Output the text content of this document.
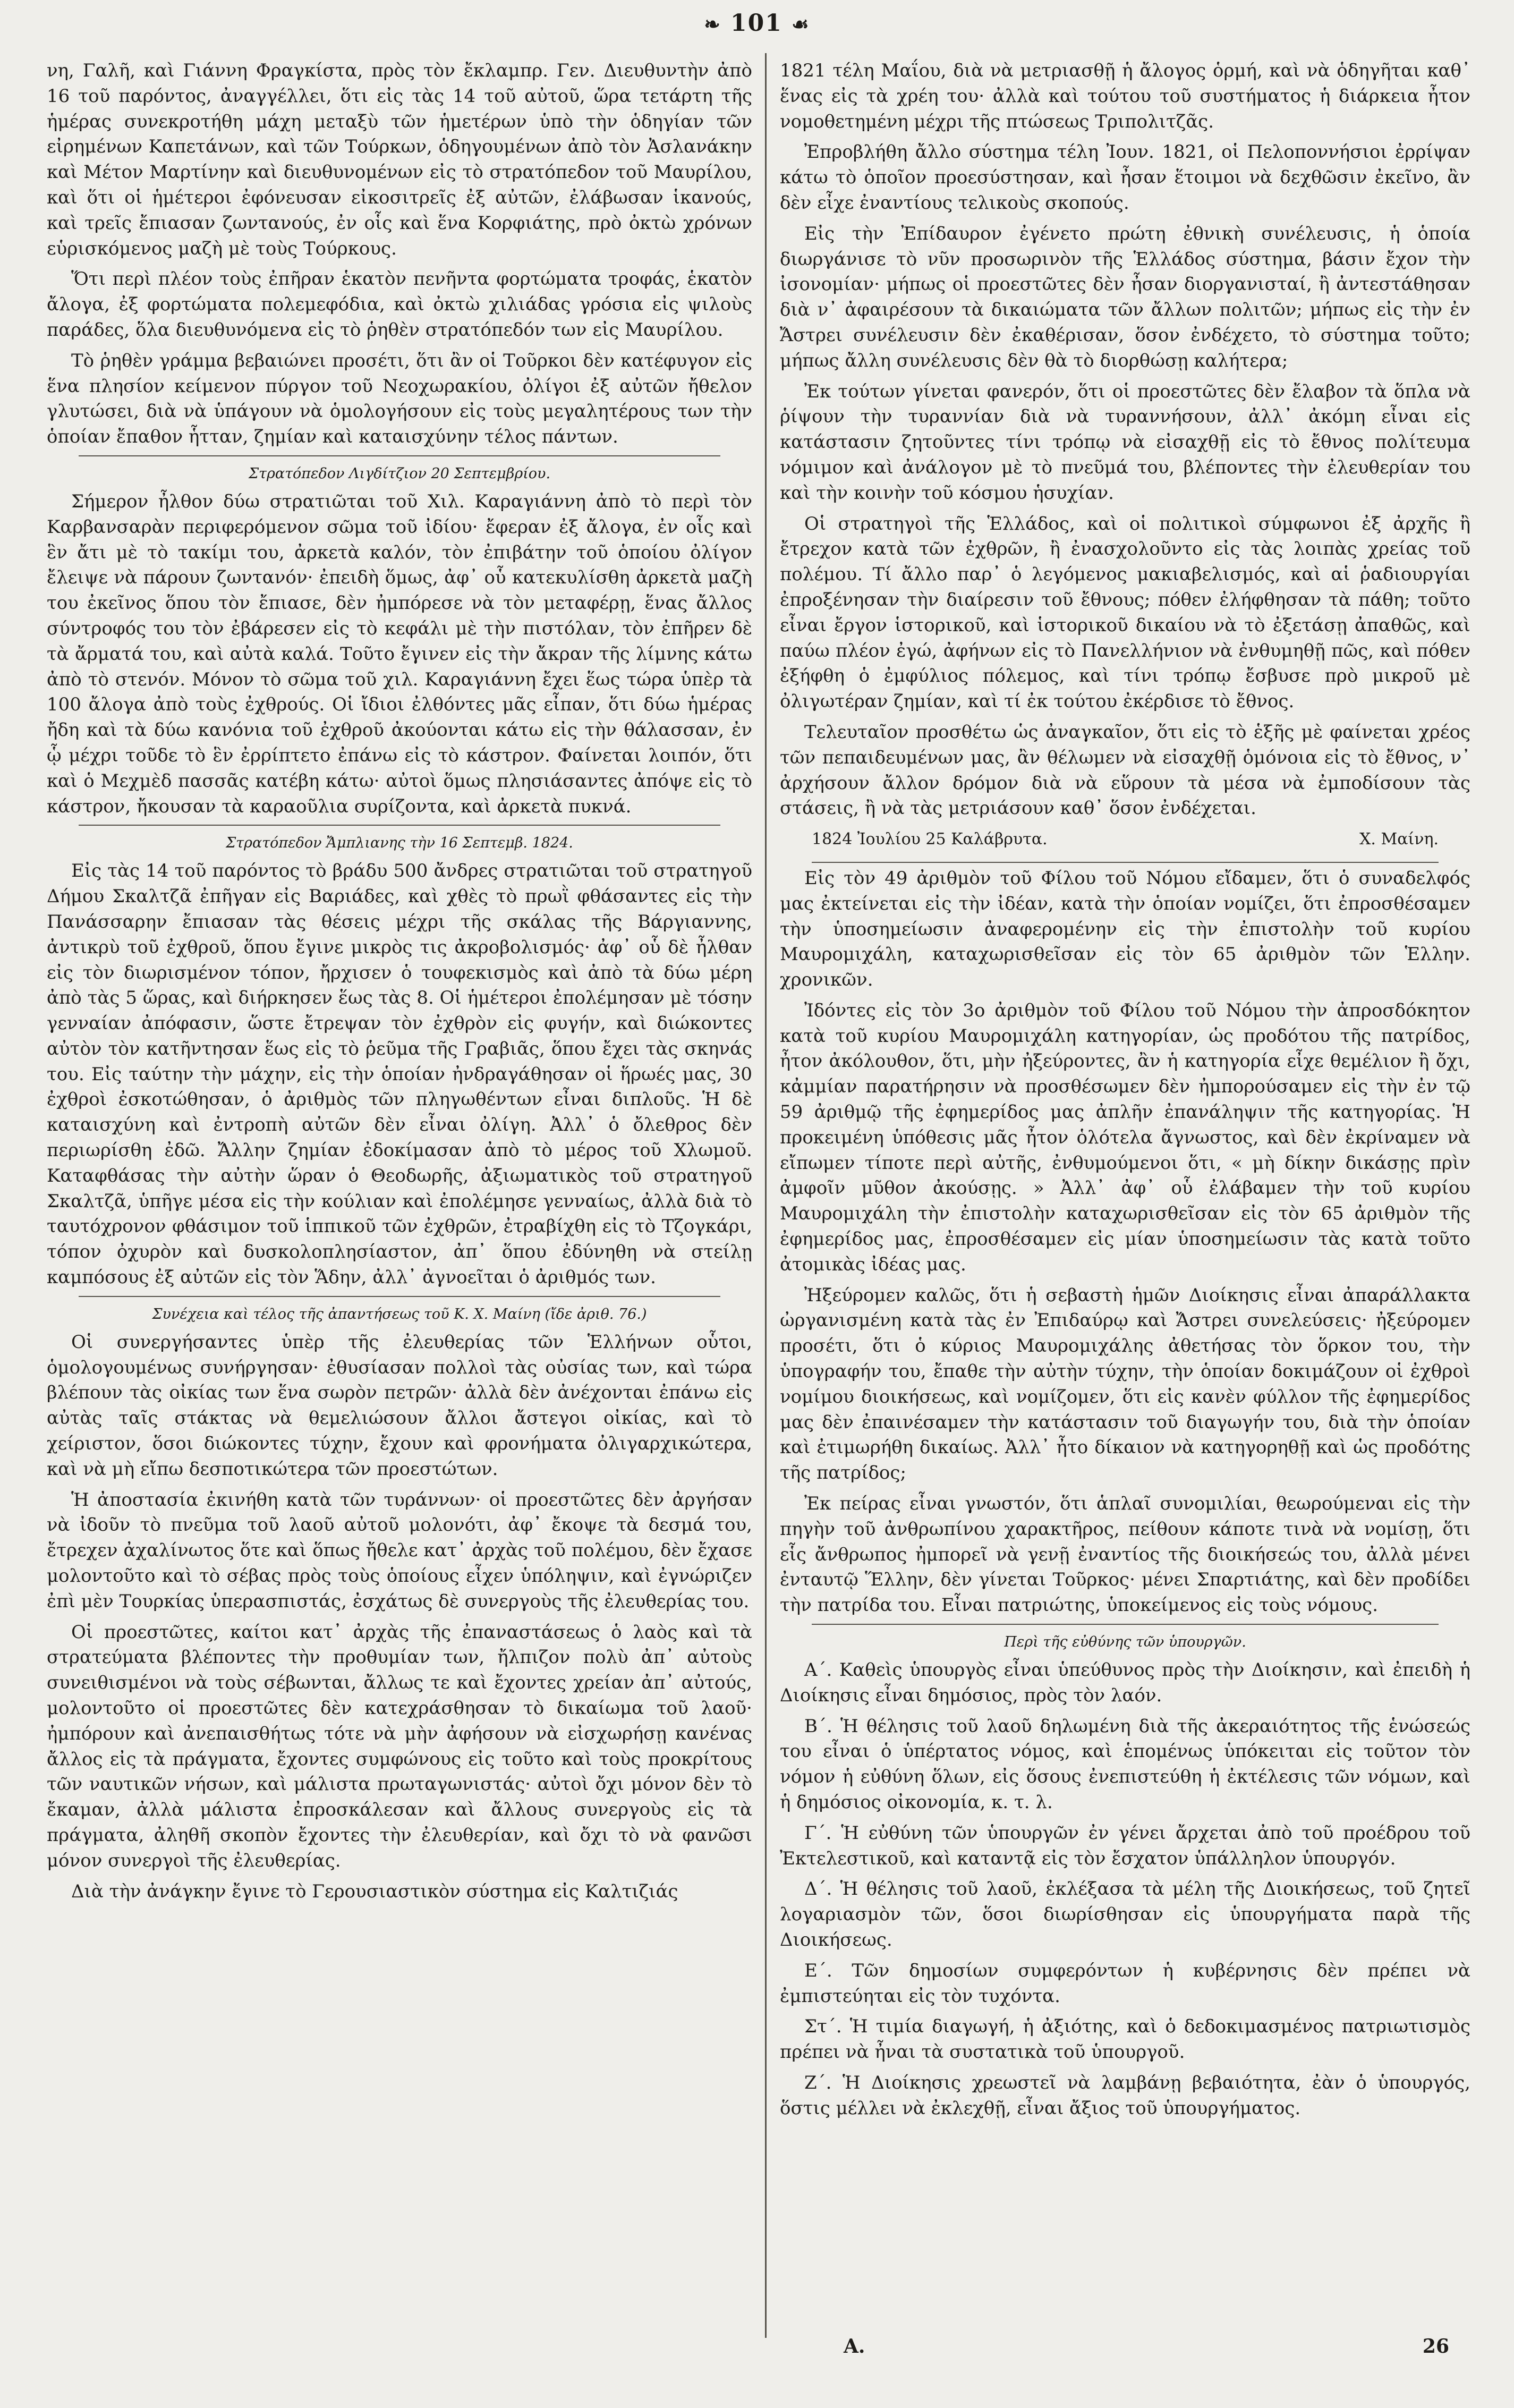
❧ 101 ☙

νη, Γαλῆ, καὶ Γιάννη Φραγκίστα, πρὸς τὸν ἔκλαμπρ. Γεν. Διευθυντὴν ἀπὸ 16 τοῦ παρόντος, ἀναγγέλλει, ὅτι εἰς τὰς 14 τοῦ αὐτοῦ, ὥρα τετάρτη τῆς ἡμέρας συνεκροτήθη μάχη μεταξὺ τῶν ἡμετέρων ὑπὸ τὴν ὁδηγίαν τῶν εἰρημένων Καπετάνων, καὶ τῶν Τούρκων, ὁδηγουμένων ἀπὸ τὸν Ἀσλανάκην καὶ Μέτον Μαρτίνην καὶ διευθυνομένων εἰς τὸ στρατόπεδον τοῦ Μαυρίλου, καὶ ὅτι οἱ ἡμέτεροι ἐφόνευσαν εἰκοσιτρεῖς ἐξ αὐτῶν, ἐλάβωσαν ἱκανούς, καὶ τρεῖς ἔπιασαν ζωντανούς, ἐν οἷς καὶ ἕνα Κορφιάτης, πρὸ ὀκτὼ χρόνων εὑρισκόμενος μαζὴ μὲ τοὺς Τούρκους.

Ὅτι περὶ πλέον τοὺς ἐπῆραν ἑκατὸν πενῆντα φορτώματα τροφάς, ἑκατὸν ἄλογα, ἐξ φορτώματα πολεμεφόδια, καὶ ὀκτὼ χιλιάδας γρόσια εἰς ψιλοὺς παράδες, ὅλα διευθυνόμενα εἰς τὸ ῥηθὲν στρατόπεδόν των εἰς Μαυρίλου.

Τὸ ῥηθὲν γράμμα βεβαιώνει προσέτι, ὅτι ἂν οἱ Τοῦρκοι δὲν κατέφυγον εἰς ἕνα πλησίον κείμενον πύργον τοῦ Νεοχωρακίου, ὀλίγοι ἐξ αὐτῶν ἤθελον γλυτώσει, διὰ νὰ ὑπάγουν νὰ ὁμολογήσουν εἰς τοὺς μεγαλητέρους των τὴν ὁποίαν ἔπαθον ἧτταν, ζημίαν καὶ καταισχύνην τέλος πάντων.

Στρατόπεδον Λιγδίτζιον 20 Σεπτεμβρίου.

Σήμερον ἦλθον δύω στρατιῶται τοῦ Χιλ. Καραγιάννη ἀπὸ τὸ περὶ τὸν Καρβανσαρὰν περιφερόμενον σῶμα τοῦ ἰδίου· ἔφεραν ἐξ ἄλογα, ἐν οἷς καὶ ἓν ἄτι μὲ τὸ τακίμι του, ἀρκετὰ καλόν, τὸν ἐπιβάτην τοῦ ὁποίου ὀλίγον ἔλειψε νὰ πάρουν ζωντανόν· ἐπειδὴ ὅμως, ἀφ᾽ οὗ κατεκυλίσθη ἀρκετὰ μαζὴ του ἐκεῖνος ὅπου τὸν ἔπιασε, δὲν ἠμπόρεσε νὰ τὸν μεταφέρῃ, ἕνας ἄλλος σύντροφός του τὸν ἐβάρεσεν εἰς τὸ κεφάλι μὲ τὴν πιστόλαν, τὸν ἐπῆρεν δὲ τὰ ἄρματά του, καὶ αὐτὰ καλά. Τοῦτο ἔγινεν εἰς τὴν ἄκραν τῆς λίμνης κάτω ἀπὸ τὸ στενόν. Μόνον τὸ σῶμα τοῦ χιλ. Καραγιάννη ἔχει ἕως τώρα ὑπὲρ τὰ 100 ἄλογα ἀπὸ τοὺς ἐχθρούς. Οἱ ἴδιοι ἐλθόντες μᾶς εἶπαν, ὅτι δύω ἡμέρας ἤδη καὶ τὰ δύω κανόνια τοῦ ἐχθροῦ ἀκούονται κάτω εἰς τὴν θάλασσαν, ἐν ᾧ μέχρι τοῦδε τὸ ἓν ἐρρίπτετο ἐπάνω εἰς τὸ κάστρον. Φαίνεται λοιπόν, ὅτι καὶ ὁ Μεχμὲδ πασσᾶς κατέβη κάτω· αὐτοὶ ὅμως πλησιάσαντες ἀπόψε εἰς τὸ κάστρον, ἤκουσαν τὰ καραοῦλια συρίζοντα, καὶ ἀρκετὰ πυκνά.

Στρατόπεδον Ἄμπλιανης τὴν 16 Σεπτεμβ. 1824.

Εἰς τὰς 14 τοῦ παρόντος τὸ βράδυ 500 ἄνδρες στρατιῶται τοῦ στρατηγοῦ Δήμου Σκαλτζᾶ ἐπῆγαν εἰς Βαριάδες, καὶ χθὲς τὸ πρωῒ φθάσαντες εἰς τὴν Πανάσσαρην ἔπιασαν τὰς θέσεις μέχρι τῆς σκάλας τῆς Βάργιαννης, ἀντικρὺ τοῦ ἐχθροῦ, ὅπου ἔγινε μικρὸς τις ἀκροβολισμός· ἀφ᾽ οὗ δὲ ἦλθαν εἰς τὸν διωρισμένον τόπον, ἤρχισεν ὁ τουφεκισμὸς καὶ ἀπὸ τὰ δύω μέρη ἀπὸ τὰς 5 ὥρας, καὶ διήρκησεν ἕως τὰς 8. Οἱ ἡμέτεροι ἐπολέμησαν μὲ τόσην γενναίαν ἀπόφασιν, ὥστε ἔτρεψαν τὸν ἐχθρὸν εἰς φυγήν, καὶ διώκοντες αὐτὸν τὸν κατῆντησαν ἕως εἰς τὸ ῥεῦμα τῆς Γραβιᾶς, ὅπου ἔχει τὰς σκηνάς του. Εἰς ταύτην τὴν μάχην, εἰς τὴν ὁποίαν ἠνδραγάθησαν οἱ ἥρωές μας, 30 ἐχθροὶ ἐσκοτώθησαν, ὁ ἀριθμὸς τῶν πληγωθέντων εἶναι διπλοῦς. Ἡ δὲ καταισχύνη καὶ ἐντροπὴ αὐτῶν δὲν εἶναι ὀλίγη. Ἀλλ᾽ ὁ ὄλεθρος δὲν περιωρίσθη ἐδῶ. Ἄλλην ζημίαν ἐδοκίμασαν ἀπὸ τὸ μέρος τοῦ Χλωμοῦ. Καταφθάσας τὴν αὐτὴν ὥραν ὁ Θεοδωρῆς, ἀξιωματικὸς τοῦ στρατηγοῦ Σκαλτζᾶ, ὑπῆγε μέσα εἰς τὴν κούλιαν καὶ ἐπολέμησε γενναίως, ἀλλὰ διὰ τὸ ταυτόχρονον φθάσιμον τοῦ ἱππικοῦ τῶν ἐχθρῶν, ἐτραβίχθη εἰς τὸ Τζογκάρι, τόπον ὀχυρὸν καὶ δυσκολοπλησίαστον, ἀπ᾽ ὅπου ἐδύνηθη νὰ στείλῃ καμπόσους ἐξ αὐτῶν εἰς τὸν Ἅδην, ἀλλ᾽ ἀγνοεῖται ὁ ἀριθμός των.

Συνέχεια καὶ τέλος τῆς ἀπαντήσεως τοῦ Κ. Χ. Μαίνη (ἴδε ἀριθ. 76.)

Οἱ συνεργήσαντες ὑπὲρ τῆς ἐλευθερίας τῶν Ἑλλήνων οὗτοι, ὁμολογουμένως συνήργησαν· ἐθυσίασαν πολλοὶ τὰς οὐσίας των, καὶ τώρα βλέπουν τὰς οἰκίας των ἕνα σωρὸν πετρῶν· ἀλλὰ δὲν ἀνέχονται ἐπάνω εἰς αὐτὰς ταῖς στάκτας νὰ θεμελιώσουν ἄλλοι ἄστεγοι οἰκίας, καὶ τὸ χείριστον, ὅσοι διώκοντες τύχην, ἔχουν καὶ φρονήματα ὀλιγαρχικώτερα, καὶ νὰ μὴ εἴπω δεσποτικώτερα τῶν προεστώτων.

Ἡ ἀποστασία ἐκινήθη κατὰ τῶν τυράννων· οἱ προεστῶτες δὲν ἀργήσαν νὰ ἰδοῦν τὸ πνεῦμα τοῦ λαοῦ αὐτοῦ μολονότι, ἀφ᾽ ἔκοψε τὰ δεσμά του, ἔτρεχεν ἀχαλίνωτος ὅτε καὶ ὅπως ἤθελε κατ᾽ ἀρχὰς τοῦ πολέμου, δὲν ἔχασε μολοντοῦτο καὶ τὸ σέβας πρὸς τοὺς ὁποίους εἶχεν ὑπόληψιν, καὶ ἐγνώριζεν ἐπὶ μὲν Τουρκίας ὑπερασπιστάς, ἐσχάτως δὲ συνεργοὺς τῆς ἐλευθερίας του.

Οἱ προεστῶτες, καίτοι κατ᾽ ἀρχὰς τῆς ἐπαναστάσεως ὁ λαὸς καὶ τὰ στρατεύματα βλέποντες τὴν προθυμίαν των, ἤλπιζον πολὺ ἀπ᾽ αὐτοὺς συνειθισμένοι νὰ τοὺς σέβωνται, ἄλλως τε καὶ ἔχοντες χρείαν ἀπ᾽ αὐτούς, μολοντοῦτο οἱ προεστῶτες δὲν κατεχράσθησαν τὸ δικαίωμα τοῦ λαοῦ· ἠμπόρουν καὶ ἀνεπαισθήτως τότε νὰ μὴν ἀφήσουν νὰ εἰσχωρήσῃ κανένας ἄλλος εἰς τὰ πράγματα, ἔχοντες συμφώνους εἰς τοῦτο καὶ τοὺς προκρίτους τῶν ναυτικῶν νήσων, καὶ μάλιστα πρωταγωνιστάς· αὐτοὶ ὄχι μόνον δὲν τὸ ἔκαμαν, ἀλλὰ μάλιστα ἐπροσκάλεσαν καὶ ἄλλους συνεργοὺς εἰς τὰ πράγματα, ἀληθῆ σκοπὸν ἔχοντες τὴν ἐλευθερίαν, καὶ ὄχι τὸ νὰ φανῶσι μόνον συνεργοὶ τῆς ἐλευθερίας.

Διὰ τὴν ἀνάγκην ἔγινε τὸ Γερουσιαστικὸν σύστημα εἰς Καλτιζιάς

1821 τέλη Μαΐου, διὰ νὰ μετριασθῇ ἡ ἄλογος ὁρμή, καὶ νὰ ὁδηγῆται καθ᾽ ἕνας εἰς τὰ χρέη του· ἀλλὰ καὶ τούτου τοῦ συστήματος ἡ διάρκεια ἦτον νομοθετημένη μέχρι τῆς πτώσεως Τριπολιτζᾶς.

Ἐπροβλήθη ἄλλο σύστημα τέλη Ἰουν. 1821, οἱ Πελοποννήσιοι ἐρρίψαν κάτω τὸ ὁποῖον προεσύστησαν, καὶ ἦσαν ἕτοιμοι νὰ δεχθῶσιν ἐκεῖνο, ἂν δὲν εἶχε ἐναντίους τελικοὺς σκοπούς.

Εἰς τὴν Ἐπίδαυρον ἐγένετο πρώτη ἐθνικὴ συνέλευσις, ἡ ὁποία διωργάνισε τὸ νῦν προσωρινὸν τῆς Ἑλλάδος σύστημα, βάσιν ἔχον τὴν ἰσονομίαν· μήπως οἱ προεστῶτες δὲν ἦσαν διοργανισταί, ἢ ἀντεστάθησαν διὰ ν᾽ ἀφαιρέσουν τὰ δικαιώματα τῶν ἄλλων πολιτῶν; μήπως εἰς τὴν ἐν Ἄστρει συνέλευσιν δὲν ἐκαθέρισαν, ὅσον ἐνδέχετο, τὸ σύστημα τοῦτο; μήπως ἄλλη συνέλευσις δὲν θὰ τὸ διορθώσῃ καλήτερα;

Ἐκ τούτων γίνεται φανερόν, ὅτι οἱ προεστῶτες δὲν ἔλαβον τὰ ὅπλα νὰ ῥίψουν τὴν τυραννίαν διὰ νὰ τυραννήσουν, ἀλλ᾽ ἀκόμη εἶναι εἰς κατάστασιν ζητοῦντες τίνι τρόπῳ νὰ εἰσαχθῇ εἰς τὸ ἔθνος πολίτευμα νόμιμον καὶ ἀνάλογον μὲ τὸ πνεῦμά του, βλέποντες τὴν ἐλευθερίαν του καὶ τὴν κοινὴν τοῦ κόσμου ἡσυχίαν.

Οἱ στρατηγοὶ τῆς Ἑλλάδος, καὶ οἱ πολιτικοὶ σύμφωνοι ἐξ ἀρχῆς ἢ ἔτρεχον κατὰ τῶν ἐχθρῶν, ἢ ἐνασχολοῦντο εἰς τὰς λοιπὰς χρείας τοῦ πολέμου. Τί ἄλλο παρ᾽ ὁ λεγόμενος μακιαβελισμός, καὶ αἱ ῥαδιουργίαι ἐπροξένησαν τὴν διαίρεσιν τοῦ ἔθνους; πόθεν ἐλήφθησαν τὰ πάθη; τοῦτο εἶναι ἔργον ἱστορικοῦ, καὶ ἱστορικοῦ δικαίου νὰ τὸ ἐξετάσῃ ἀπαθῶς, καὶ παύω πλέον ἐγώ, ἀφήνων εἰς τὸ Πανελλήνιον νὰ ἐνθυμηθῇ πῶς, καὶ πόθεν ἐξήφθη ὁ ἐμφύλιος πόλεμος, καὶ τίνι τρόπῳ ἔσβυσε πρὸ μικροῦ μὲ ὀλιγωτέραν ζημίαν, καὶ τί ἐκ τούτου ἐκέρδισε τὸ ἔθνος.

Τελευταῖον προσθέτω ὡς ἀναγκαῖον, ὅτι εἰς τὸ ἑξῆς μὲ φαίνεται χρέος τῶν πεπαιδευμένων μας, ἂν θέλωμεν νὰ εἰσαχθῇ ὁμόνοια εἰς τὸ ἔθνος, ν᾽ ἀρχήσουν ἄλλον δρόμον διὰ νὰ εὕρουν τὰ μέσα νὰ ἐμποδίσουν τὰς στάσεις, ἢ νὰ τὰς μετριάσουν καθ᾽ ὅσον ἐνδέχεται.

1824 Ἰουλίου 25 Καλάβρυτα.	Χ. Μαίνη.

Εἰς τὸν 49 ἀριθμὸν τοῦ Φίλου τοῦ Νόμου εἴδαμεν, ὅτι ὁ συναδελφός μας ἐκτείνεται εἰς τὴν ἰδέαν, κατὰ τὴν ὁποίαν νομίζει, ὅτι ἐπροσθέσαμεν τὴν ὑποσημείωσιν ἀναφερομένην εἰς τὴν ἐπιστολὴν τοῦ κυρίου Μαυρομιχάλη, καταχωρισθεῖσαν εἰς τὸν 65 ἀριθμὸν τῶν Ἑλλην. χρονικῶν.

Ἰδόντες εἰς τὸν 3ο ἀριθμὸν τοῦ Φίλου τοῦ Νόμου τὴν ἀπροσδόκητον κατὰ τοῦ κυρίου Μαυρομιχάλη κατηγορίαν, ὡς προδότου τῆς πατρίδος, ἦτον ἀκόλουθον, ὅτι, μὴν ἠξεύροντες, ἂν ἡ κατηγορία εἶχε θεμέλιον ἢ ὄχι, κἀμμίαν παρατήρησιν νὰ προσθέσωμεν δὲν ἠμπορούσαμεν εἰς τὴν ἐν τῷ 59 ἀριθμῷ τῆς ἐφημερίδος μας ἀπλῆν ἐπανάληψιν τῆς κατηγορίας. Ἡ προκειμένη ὑπόθεσις μᾶς ἦτον ὁλότελα ἄγνωστος, καὶ δὲν ἐκρίναμεν νὰ εἴπωμεν τίποτε περὶ αὐτῆς, ἐνθυμούμενοι ὅτι, « μὴ δίκην δικάσῃς πρὶν ἀμφοῖν μῦθον ἀκούσῃς. » Ἀλλ᾽ ἀφ᾽ οὗ ἐλάβαμεν τὴν τοῦ κυρίου Μαυρομιχάλη τὴν ἐπιστολὴν καταχωρισθεῖσαν εἰς τὸν 65 ἀριθμὸν τῆς ἐφημερίδος μας, ἐπροσθέσαμεν εἰς μίαν ὑποσημείωσιν τὰς κατὰ τοῦτο ἀτομικὰς ἰδέας μας.

Ἠξεύρομεν καλῶς, ὅτι ἡ σεβαστὴ ἡμῶν Διοίκησις εἶναι ἀπαράλλακτα ὠργανισμένη κατὰ τὰς ἐν Ἐπιδαύρῳ καὶ Ἄστρει συνελεύσεις· ἠξεύρομεν προσέτι, ὅτι ὁ κύριος Μαυρομιχάλης ἀθετήσας τὸν ὅρκον του, τὴν ὑπογραφήν του, ἔπαθε τὴν αὐτὴν τύχην, τὴν ὁποίαν δοκιμάζουν οἱ ἐχθροὶ νομίμου διοικήσεως, καὶ νομίζομεν, ὅτι εἰς κανὲν φύλλον τῆς ἐφημερίδος μας δὲν ἐπαινέσαμεν τὴν κατάστασιν τοῦ διαγωγήν του, διὰ τὴν ὁποίαν καὶ ἐτιμωρήθη δικαίως. Ἀλλ᾽ ἦτο δίκαιον νὰ κατηγορηθῇ καὶ ὡς προδότης τῆς πατρίδος;

Ἐκ πείρας εἶναι γνωστόν, ὅτι ἁπλαῖ συνομιλίαι, θεωρούμεναι εἰς τὴν πηγὴν τοῦ ἀνθρωπίνου χαρακτῆρος, πείθουν κάποτε τινὰ νὰ νομίσῃ, ὅτι εἷς ἄνθρωπος ἠμπορεῖ νὰ γενῇ ἐναντίος τῆς διοικήσεώς του, ἀλλὰ μένει ἐνταυτῷ Ἕλλην, δὲν γίνεται Τοῦρκος· μένει Σπαρτιάτης, καὶ δὲν προδίδει τὴν πατρίδα του. Εἶναι πατριώτης, ὑποκείμενος εἰς τοὺς νόμους.

Περὶ τῆς εὐθύνης τῶν ὑπουργῶν.

Α΄. Καθεὶς ὑπουργὸς εἶναι ὑπεύθυνος πρὸς τὴν Διοίκησιν, καὶ ἐπειδὴ ἡ Διοίκησις εἶναι δημόσιος, πρὸς τὸν λαόν.

Β΄. Ἡ θέλησις τοῦ λαοῦ δηλωμένη διὰ τῆς ἀκεραιότητος τῆς ἑνώσεώς του εἶναι ὁ ὑπέρτατος νόμος, καὶ ἑπομένως ὑπόκειται εἰς τοῦτον τὸν νόμον ἡ εὐθύνη ὅλων, εἰς ὅσους ἐνεπιστεύθη ἡ ἐκτέλεσις τῶν νόμων, καὶ ἡ δημόσιος οἰκονομία, κ. τ. λ.

Γ΄. Ἡ εὐθύνη τῶν ὑπουργῶν ἐν γένει ἄρχεται ἀπὸ τοῦ προέδρου τοῦ Ἐκτελεστικοῦ, καὶ καταντᾷ εἰς τὸν ἔσχατον ὑπάλληλον ὑπουργόν.

Δ΄. Ἡ θέλησις τοῦ λαοῦ, ἐκλέξασα τὰ μέλη τῆς Διοικήσεως, τοῦ ζητεῖ λογαριασμὸν τῶν, ὅσοι διωρίσθησαν εἰς ὑπουργήματα παρὰ τῆς Διοικήσεως.

Ε΄. Τῶν δημοσίων συμφερόντων ἡ κυβέρνησις δὲν πρέπει νὰ ἐμπιστεύηται εἰς τὸν τυχόντα.

Στ΄. Ἡ τιμία διαγωγή, ἡ ἀξιότης, καὶ ὁ δεδοκιμασμένος πατριωτισμὸς πρέπει νὰ ἦναι τὰ συστατικὰ τοῦ ὑπουργοῦ.

Ζ΄. Ἡ Διοίκησις χρεωστεῖ νὰ λαμβάνῃ βεβαιότητα, ἐὰν ὁ ὑπουργός, ὅστις μέλλει νὰ ἐκλεχθῇ, εἶναι ἄξιος τοῦ ὑπουργήματος.

A.	26
